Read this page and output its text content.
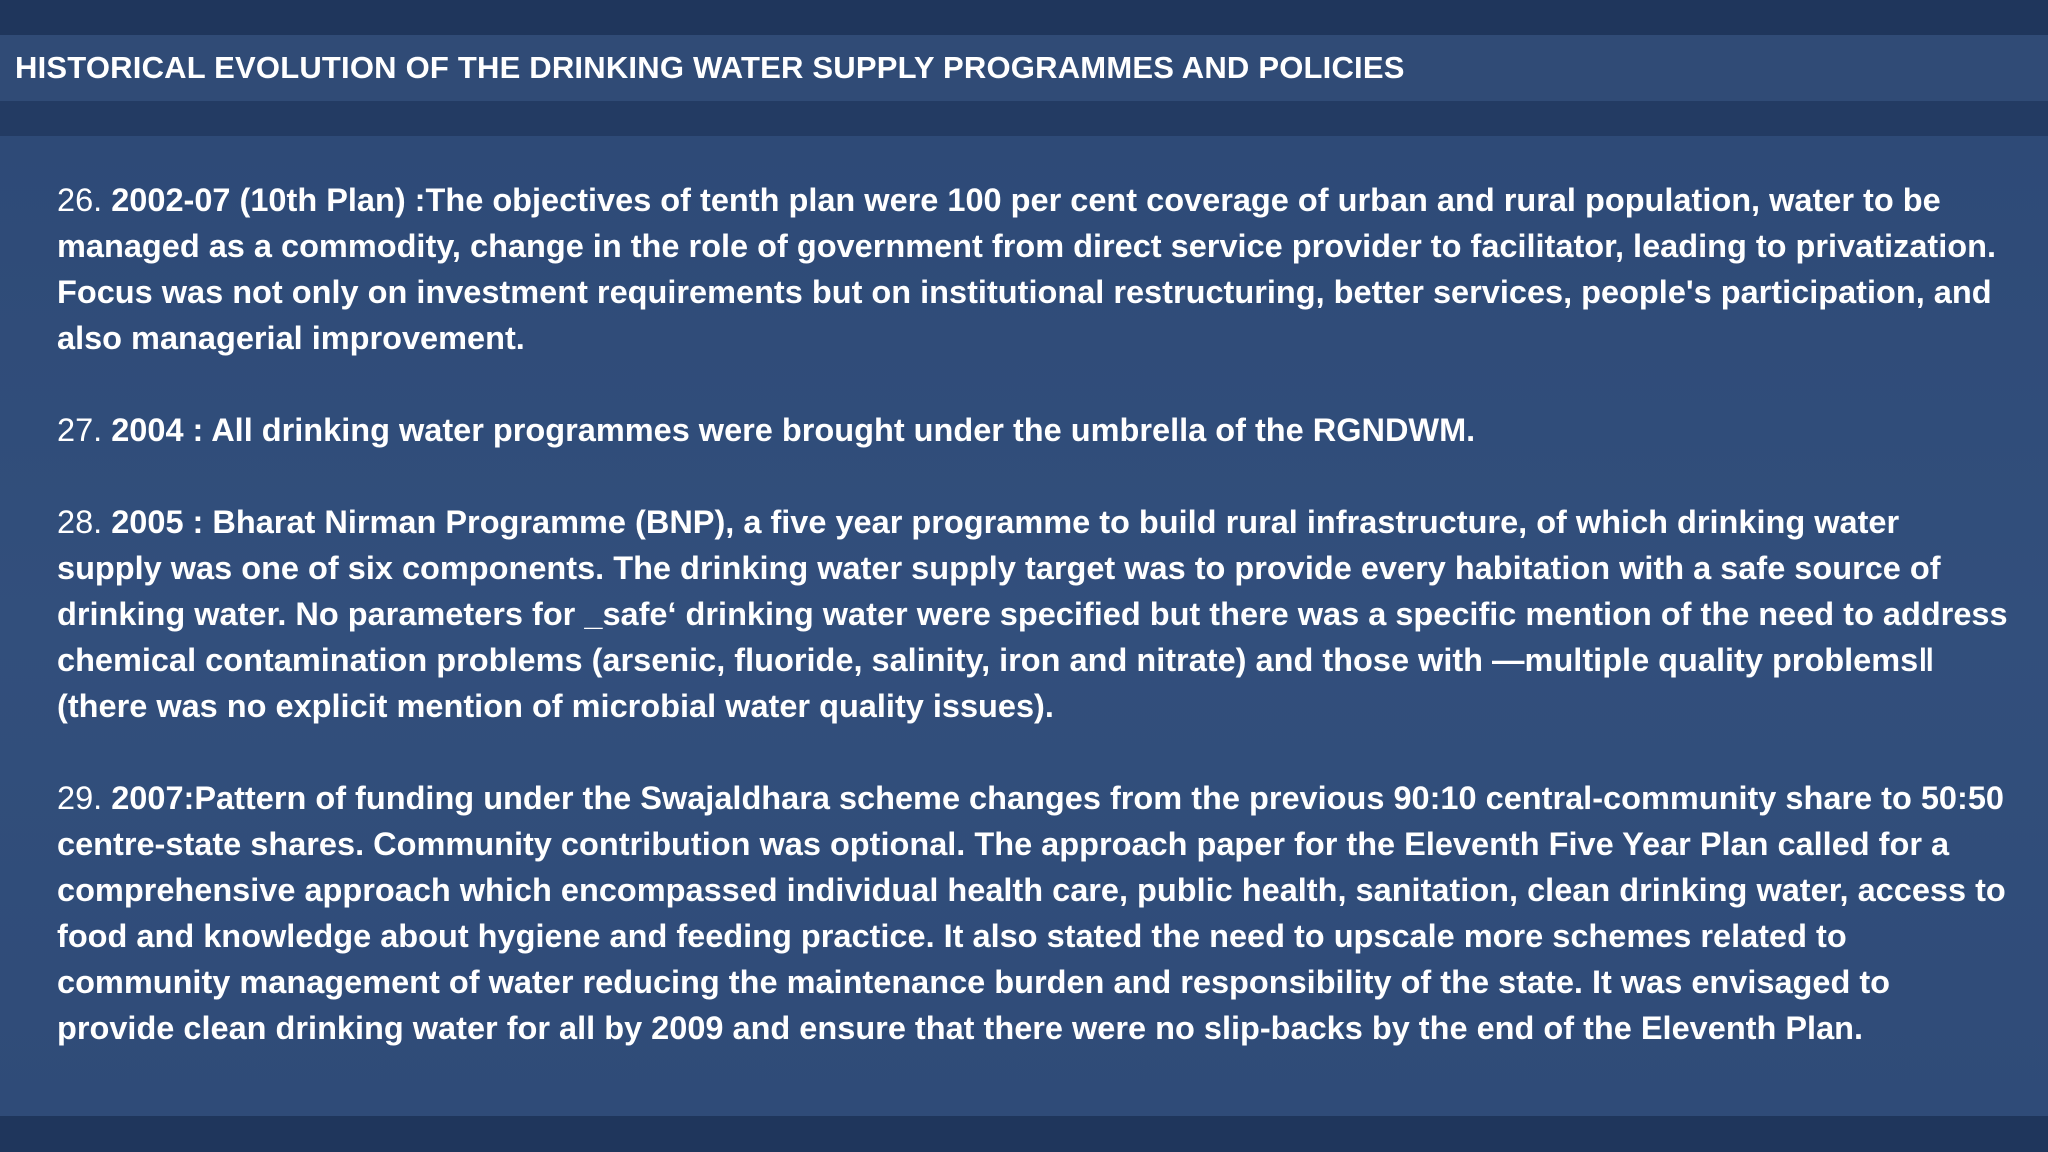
HISTORICAL EVOLUTION OF THE DRINKING WATER SUPPLY PROGRAMMES AND POLICIES

26. 2002-07 (10th Plan) :The objectives of tenth plan were 100 per cent coverage of urban and rural population, water to be managed as a commodity, change in the role of government from direct service provider to facilitator, leading to privatization. Focus was not only on investment requirements but on institutional restructuring, better services, people's participation, and also managerial improvement.

27. 2004 : All drinking water programmes were brought under the umbrella of the RGNDWM.

28. 2005 : Bharat Nirman Programme (BNP), a five year programme to build rural infrastructure, of which drinking water supply was one of six components. The drinking water supply target was to provide every habitation with a safe source of drinking water. No parameters for _safe‘ drinking water were specified but there was a specific mention of the need to address chemical contamination problems (arsenic, fluoride, salinity, iron and nitrate) and those with ―multiple quality problems‖ (there was no explicit mention of microbial water quality issues).

29. 2007:Pattern of funding under the Swajaldhara scheme changes from the previous 90:10 central-community share to 50:50 centre-state shares. Community contribution was optional. The approach paper for the Eleventh Five Year Plan called for a comprehensive approach which encompassed individual health care, public health, sanitation, clean drinking water, access to food and knowledge about hygiene and feeding practice. It also stated the need to upscale more schemes related to community management of water reducing the maintenance burden and responsibility of the state. It was envisaged to provide clean drinking water for all by 2009 and ensure that there were no slip-backs by the end of the Eleventh Plan.
